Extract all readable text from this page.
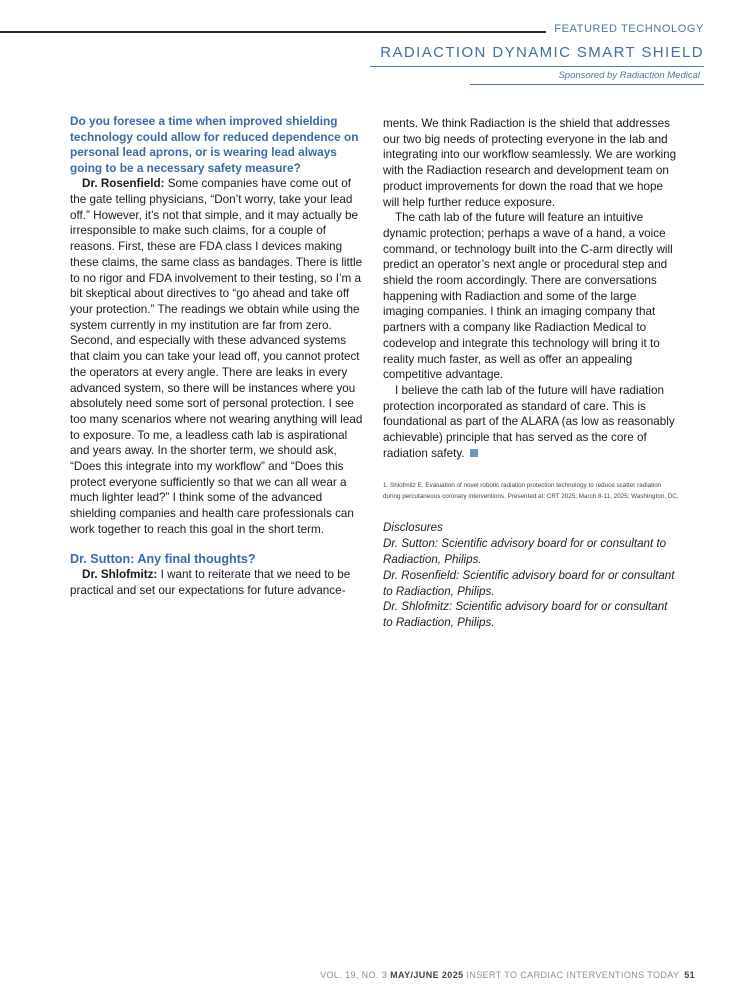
FEATURED TECHNOLOGY
RADIACTION DYNAMIC SMART SHIELD
Sponsored by Radiaction Medical

Do you foresee a time when improved shielding technology could allow for reduced dependence on personal lead aprons, or is wearing lead always going to be a necessary safety measure?

Dr. Rosenfield: Some companies have come out of the gate telling physicians, “Don’t worry, take your lead off.” However, it’s not that simple, and it may actually be irresponsible to make such claims, for a couple of reasons. First, these are FDA class I devices making these claims, the same class as bandages. There is little to no rigor and FDA involvement to their testing, so I’m a bit skeptical about directives to “go ahead and take off your protection.” The readings we obtain while using the system currently in my institution are far from zero. Second, and especially with these advanced systems that claim you can take your lead off, you cannot protect the operators at every angle. There are leaks in every advanced system, so there will be instances where you absolutely need some sort of personal protection. I see too many scenarios where not wearing anything will lead to exposure. To me, a leadless cath lab is aspirational and years away. In the shorter term, we should ask, “Does this integrate into my workflow” and “Does this protect everyone sufficiently so that we can all wear a much lighter lead?” I think some of the advanced shielding companies and health care professionals can work together to reach this goal in the short term.

Dr. Sutton: Any final thoughts?

Dr. Shlofmitz: I want to reiterate that we need to be practical and set our expectations for future advance-

ments. We think Radiaction is the shield that addresses our two big needs of protecting everyone in the lab and integrating into our workflow seamlessly. We are working with the Radiaction research and development team on product improvements for down the road that we hope will help further reduce exposure.

The cath lab of the future will feature an intuitive dynamic protection; perhaps a wave of a hand, a voice command, or technology built into the C-arm directly will predict an operator’s next angle or procedural step and shield the room accordingly. There are conversations happening with Radiaction and some of the large imaging companies. I think an imaging company that partners with a company like Radiaction Medical to codevelop and integrate this technology will bring it to reality much faster, as well as offer an appealing competitive advantage.

I believe the cath lab of the future will have radiation protection incorporated as standard of care. This is foundational as part of the ALARA (as low as reasonably achievable) principle that has served as the core of radiation safety.

1. Shlofmitz E. Evaluation of novel robotic radiation protection technology to reduce scatter radiation during percutaneous coronary interventions. Presented at: CRT 2025; March 8-11, 2025; Washington, DC.

Disclosures
Dr. Sutton: Scientific advisory board for or consultant to Radiaction, Philips.
Dr. Rosenfield: Scientific advisory board for or consultant to Radiaction, Philips.
Dr. Shlofmitz: Scientific advisory board for or consultant to Radiaction, Philips.
VOL. 19, NO. 3 MAY/JUNE 2025 INSERT TO CARDIAC INTERVENTIONS TODAY 51
